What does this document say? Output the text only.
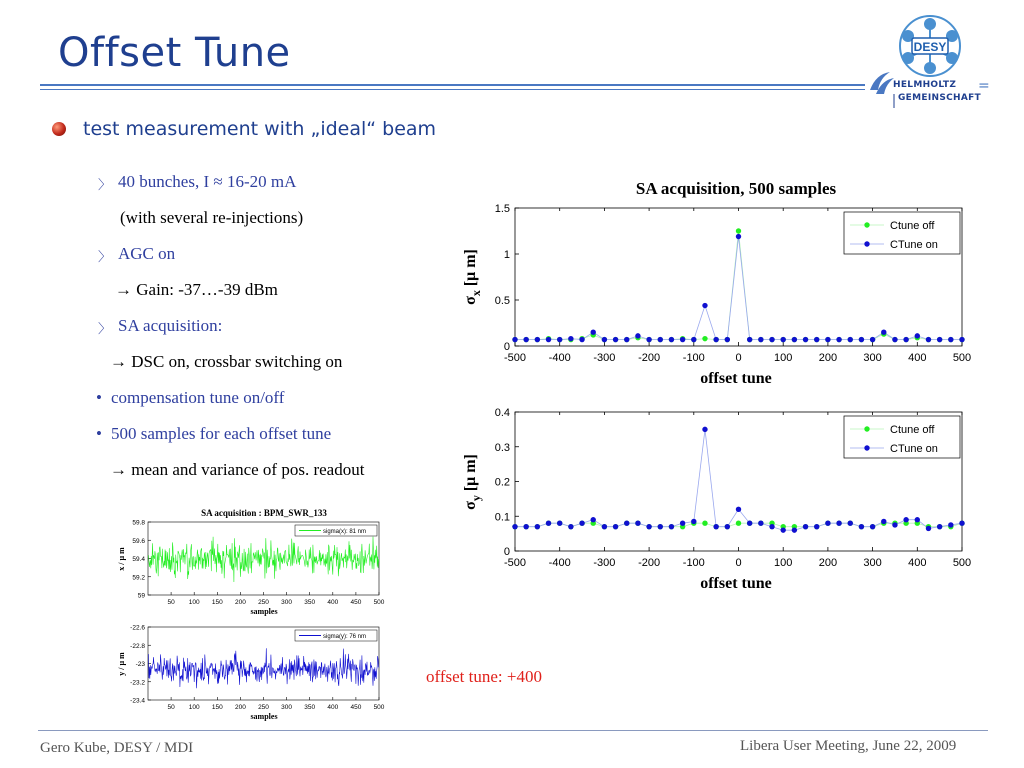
Offset Tune	DESY
HELMHOLTZ
GEMEINSCHAFT
=
test measurement with „ideal“ beam
〉 40 bunches, I ≈ 16-20 mA
(with several re-injections)
〉 AGC on
→ Gain: -37…-39 dBm
〉 SA acquisition:
→ DSC on, crossbar switching on
• compensation tune on/off
• 500 samples for each offset tune
→ mean and variance of pos. readout
SA acquisition, 500 samples
0
0.5
1
1.5
-500 -400 -300 -200 -100	0	100 200 300 400 500
offset tune
$\sigma_x[\mu$ m]
Ctune off
CTune on
0
0.1
0.2
0.3
0.4
-500 -400 -300 -200 -100	0	100 200 300 400 500
offset tune
$\sigma_y[\mu$ m]
Ctune off
CTune on
SA acquisition : BPM_SWR_133
59
59.2
59.4
59.6
59.8
50 100 150 200 250 300 350 400 450 500
samples
x / μ m
sigma(x): 81 nm
-22.6
-22.8
-23
-23.2
-23.4
50 100 150 200 250 300 350 400 450 500
samples
y / μ m
sigma(y): 76 nm
offset tune: +400
Gero Kube, DESY / MDI	Libera User Meeting, June 22, 2009
